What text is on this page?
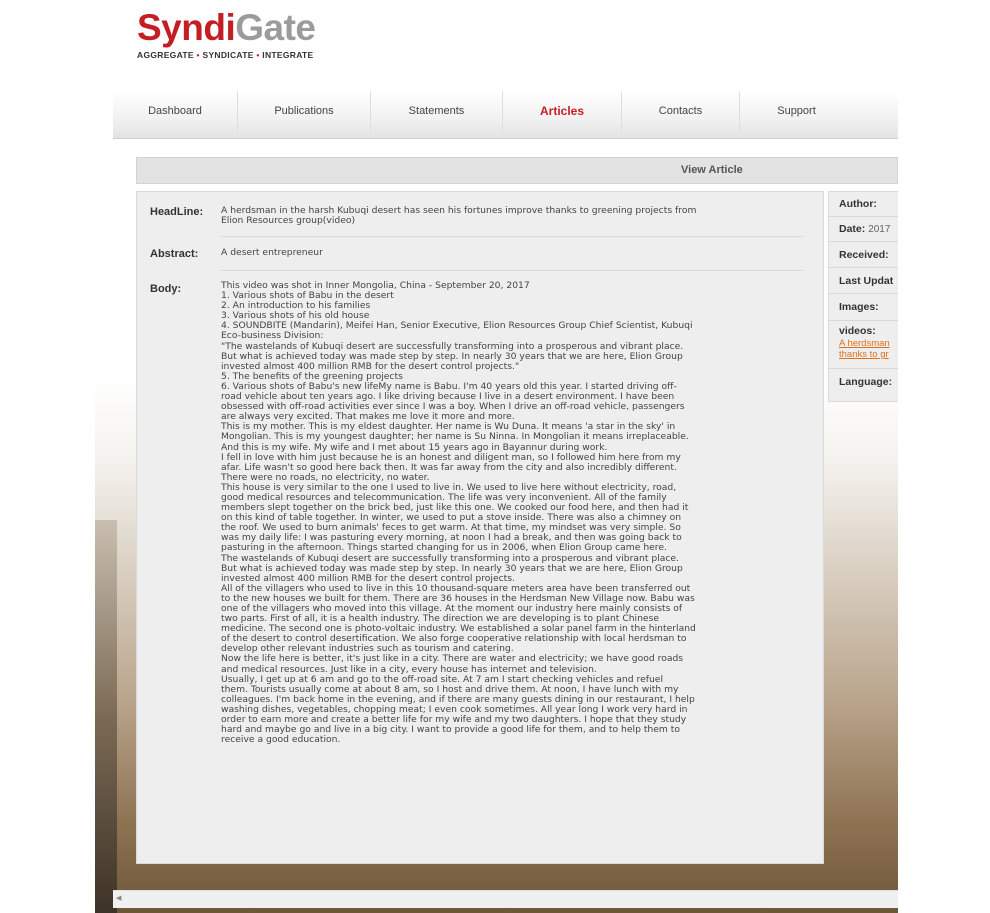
SyndiGate
AGGREGATE • SYNDICATE • INTEGRATE
Dashboard	Publications	Statements	Articles	Contacts	Support
View Article
HeadLine: A herdsman in the harsh Kubuqi desert has seen his fortunes improve thanks to greening projects from
Elion Resources group(video)
Abstract: A desert entrepreneur
Body:	This video was shot in Inner Mongolia, China - September 20, 2017
1. Various shots of Babu in the desert
2. An introduction to his families
3. Various shots of his old house
4. SOUNDBITE (Mandarin), Meifei Han, Senior Executive, Elion Resources Group Chief Scientist, Kubuqi
Eco-business Division:
"The wastelands of Kubuqi desert are successfully transforming into a prosperous and vibrant place.
But what is achieved today was made step by step. In nearly 30 years that we are here, Elion Group
invested almost 400 million RMB for the desert control projects."
5. The benefits of the greening projects
6. Various shots of Babu's new lifeMy name is Babu. I'm 40 years old this year. I started driving off-
road vehicle about ten years ago. I like driving because I live in a desert environment. I have been
obsessed with off-road activities ever since I was a boy. When I drive an off-road vehicle, passengers
are always very excited. That makes me love it more and more.
This is my mother. This is my eldest daughter. Her name is Wu Duna. It means 'a star in the sky' in
Mongolian. This is my youngest daughter; her name is Su Ninna. In Mongolian it means irreplaceable.
And this is my wife. My wife and I met about 15 years ago in Bayannur during work.
I fell in love with him just because he is an honest and diligent man, so I followed him here from my
afar. Life wasn't so good here back then. It was far away from the city and also incredibly different.
There were no roads, no electricity, no water.
This house is very similar to the one I used to live in. We used to live here without electricity, road,
good medical resources and telecommunication. The life was very inconvenient. All of the family
members slept together on the brick bed, just like this one. We cooked our food here, and then had it
on this kind of table together. In winter, we used to put a stove inside. There was also a chimney on
the roof. We used to burn animals' feces to get warm. At that time, my mindset was very simple. So
was my daily life: I was pasturing every morning, at noon I had a break, and then was going back to
pasturing in the afternoon. Things started changing for us in 2006, when Elion Group came here.
The wastelands of Kubuqi desert are successfully transforming into a prosperous and vibrant place.
But what is achieved today was made step by step. In nearly 30 years that we are here, Elion Group
invested almost 400 million RMB for the desert control projects.
All of the villagers who used to live in this 10 thousand-square meters area have been transferred out
to the new houses we built for them. There are 36 houses in the Herdsman New Village now. Babu was
one of the villagers who moved into this village. At the moment our industry here mainly consists of
two parts. First of all, it is a health industry. The direction we are developing is to plant Chinese
medicine. The second one is photo-voltaic industry. We established a solar panel farm in the hinterland
of the desert to control desertification. We also forge cooperative relationship with local herdsman to
develop other relevant industries such as tourism and catering.
Now the life here is better, it's just like in a city. There are water and electricity; we have good roads
and medical resources. Just like in a city, every house has internet and television.
Usually, I get up at 6 am and go to the off-road site. At 7 am I start checking vehicles and refuel
them. Tourists usually come at about 8 am, so I host and drive them. At noon, I have lunch with my
colleagues. I'm back home in the evening, and if there are many guests dining in our restaurant, I help
washing dishes, vegetables, chopping meat; I even cook sometimes. All year long I work very hard in
order to earn more and create a better life for my wife and my two daughters. I hope that they study
hard and maybe go and live in a big city. I want to provide a good life for them, and to help them to
receive a good education.
Author:
Date: 2017
Received:
Last Updat
Images:
videos:
A herdsman
thanks to gr
Language:
◀
